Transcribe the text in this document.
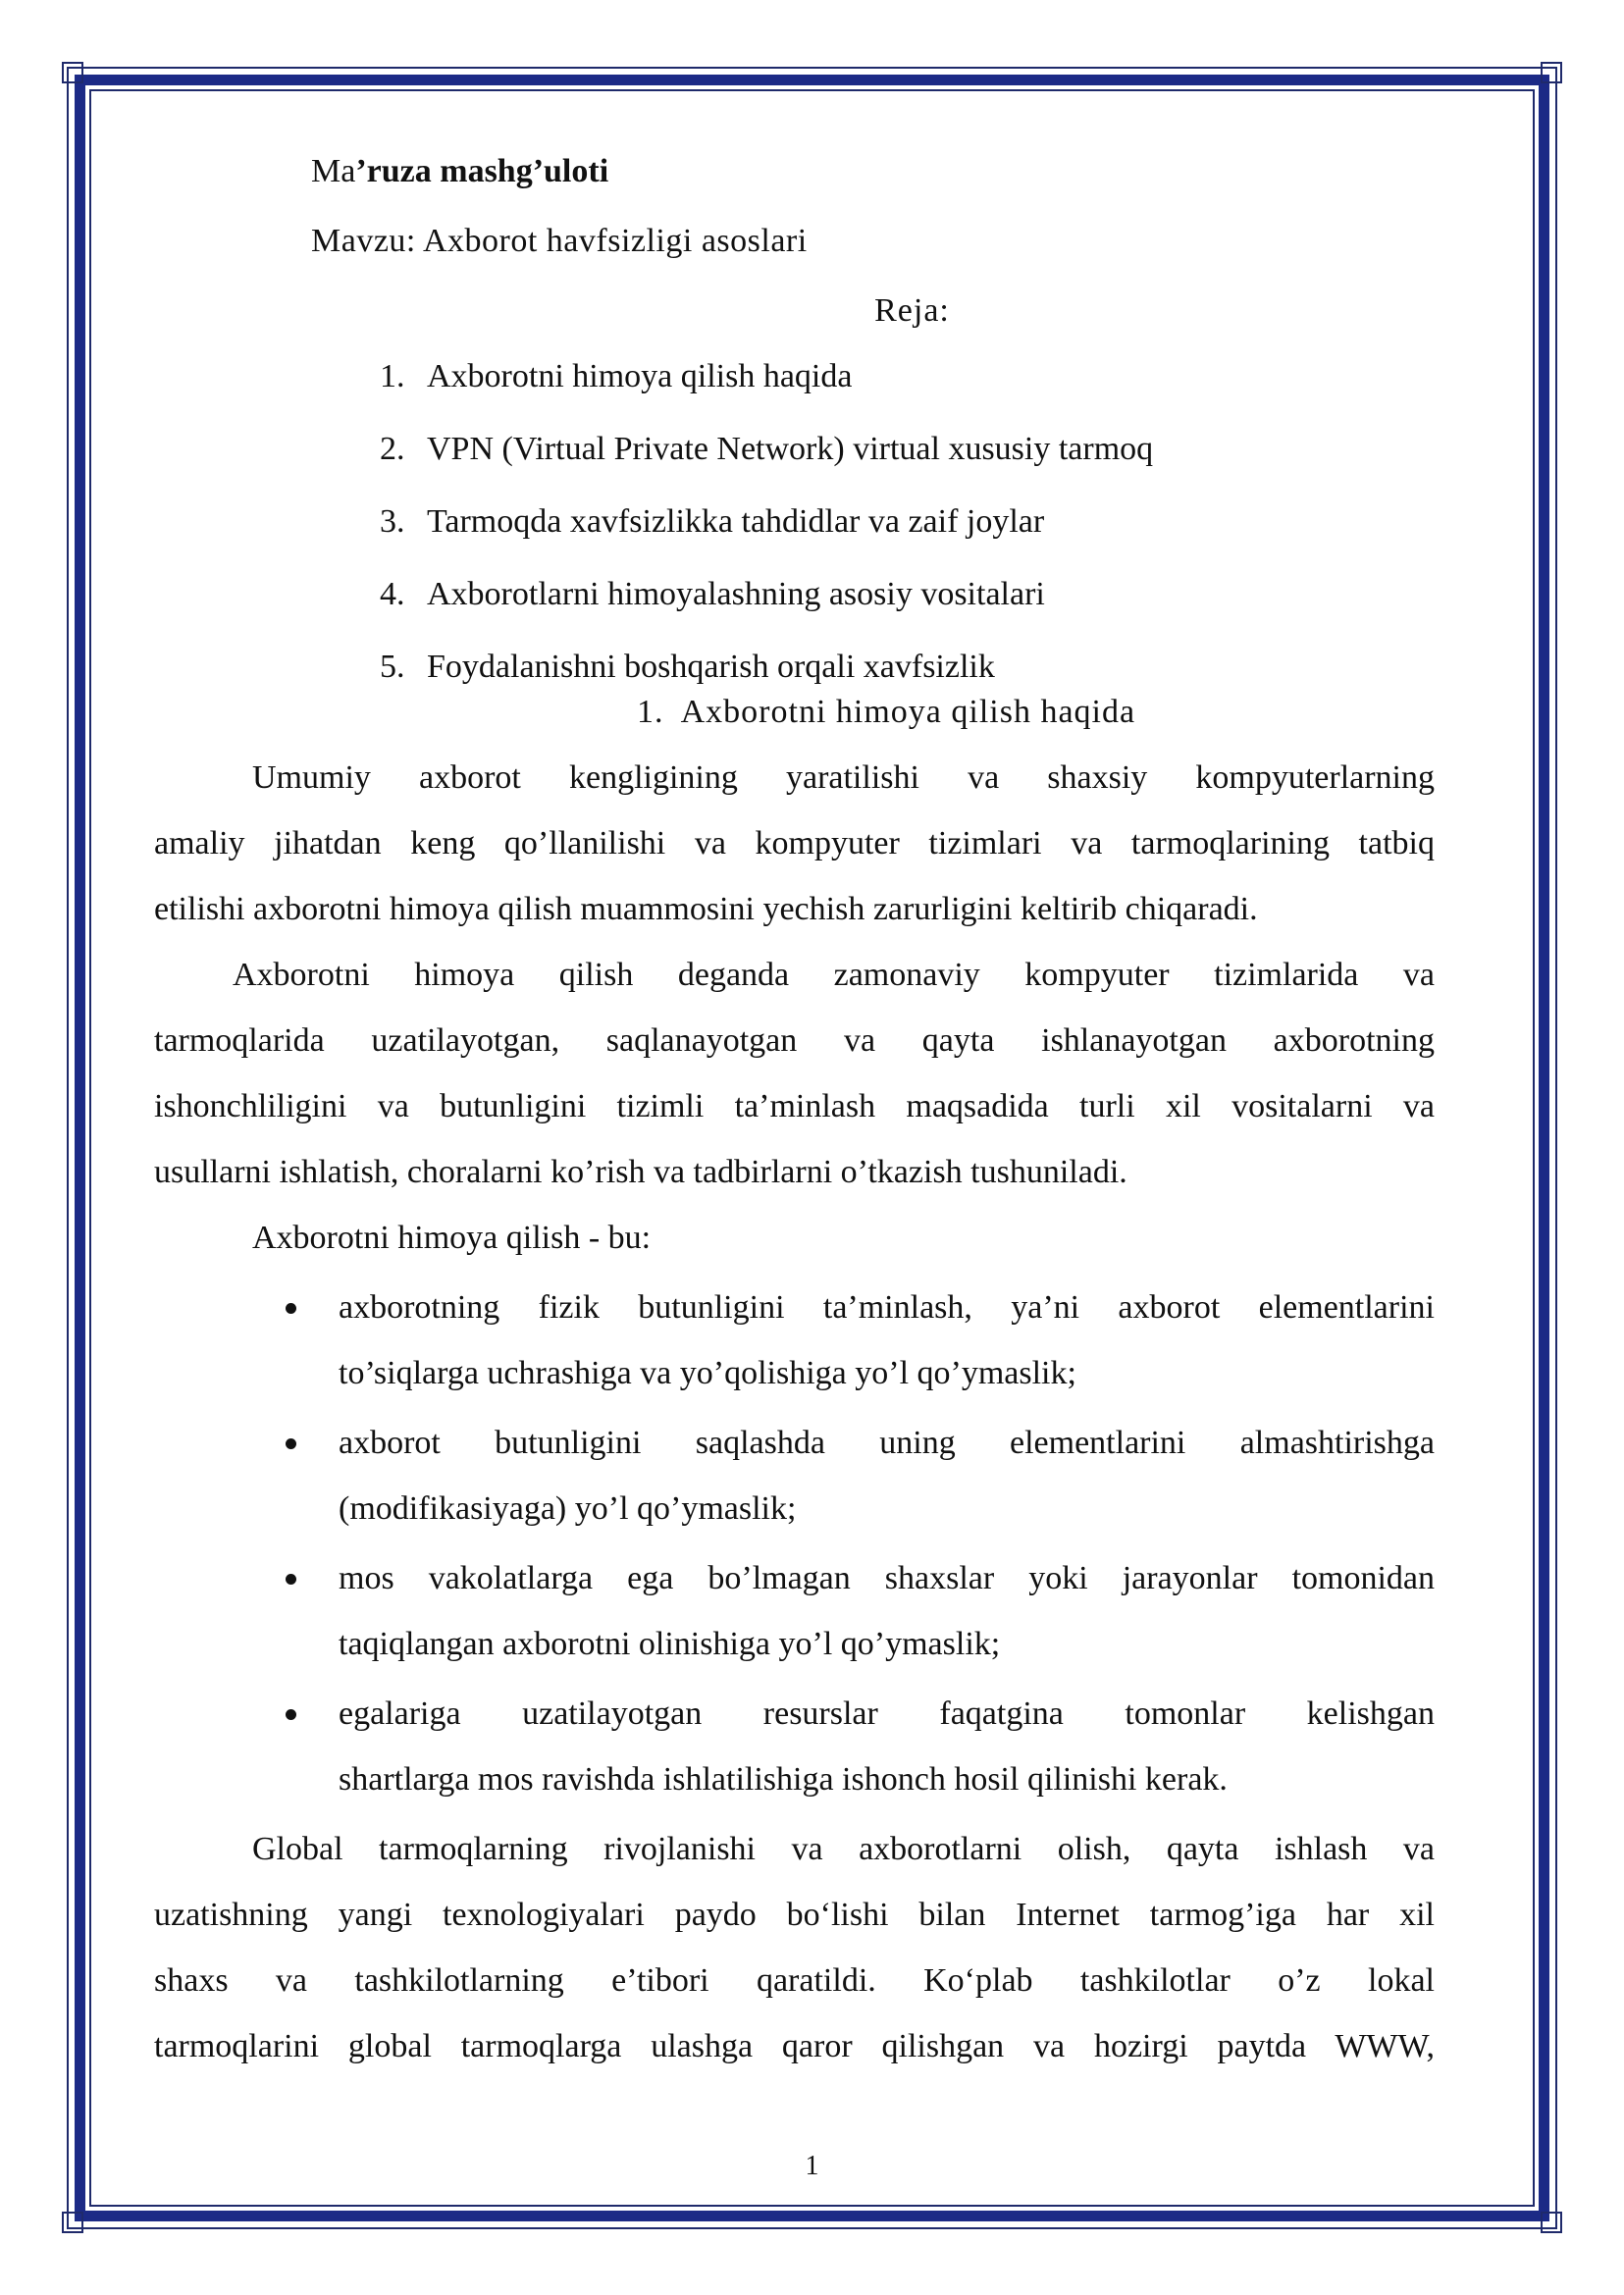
Ma’ruza mashg’uloti

Mavzu: Axborot havfsizligi asoslari

Reja:

1. Axborotni himoya qilish haqida
2. VPN (Virtual Private Network) virtual xususiy tarmoq
3. Tarmoqda xavfsizlikka tahdidlar va zaif joylar
4. Axborotlarni himoyalashning asosiy vositalari
5. Foydalanishni boshqarish orqali xavfsizlik

1.  Axborotni himoya qilish haqida

Umumiy axborot kengligining yaratilishi va shaxsiy kompyuterlarning
amaliy jihatdan keng qo’llanilishi va kompyuter tizimlari va tarmoqlarining tatbiq
etilishi axborotni himoya qilish muammosini yechish zarurligini keltirib chiqaradi.
Axborotni himoya qilish deganda zamonaviy kompyuter tizimlarida va
tarmoqlarida uzatilayotgan, saqlanayotgan va qayta ishlanayotgan axborotning
ishonchliligini va butunligini tizimli ta’minlash maqsadida turli xil vositalarni va
usullarni ishlatish, choralarni ko’rish va tadbirlarni o’tkazish tushuniladi.

Axborotni himoya qilish - bu:

axborotning fizik butunligini ta’minlash, ya’ni axborot elementlarini
to’siqlarga uchrashiga va yo’qolishiga yo’l qo’ymaslik;
axborot butunligini saqlashda uning elementlarini almashtirishga
(modifikasiyaga) yo’l qo’ymaslik;
mos vakolatlarga ega bo’lmagan shaxslar yoki jarayonlar tomonidan
taqiqlangan axborotni olinishiga yo’l qo’ymaslik;
egalariga uzatilayotgan resurslar faqatgina tomonlar kelishgan
shartlarga mos ravishda ishlatilishiga ishonch hosil qilinishi kerak.
Global tarmoqlarning rivojlanishi va axborotlarni olish, qayta ishlash va
uzatishning yangi texnologiyalari paydo bo‘lishi bilan Internet tarmog’iga har xil
shaxs va tashkilotlarning e’tibori qaratildi. Ko‘plab tashkilotlar o’z lokal
tarmoqlarini global tarmoqlarga ulashga qaror qilishgan va hozirgi paytda WWW,
1
